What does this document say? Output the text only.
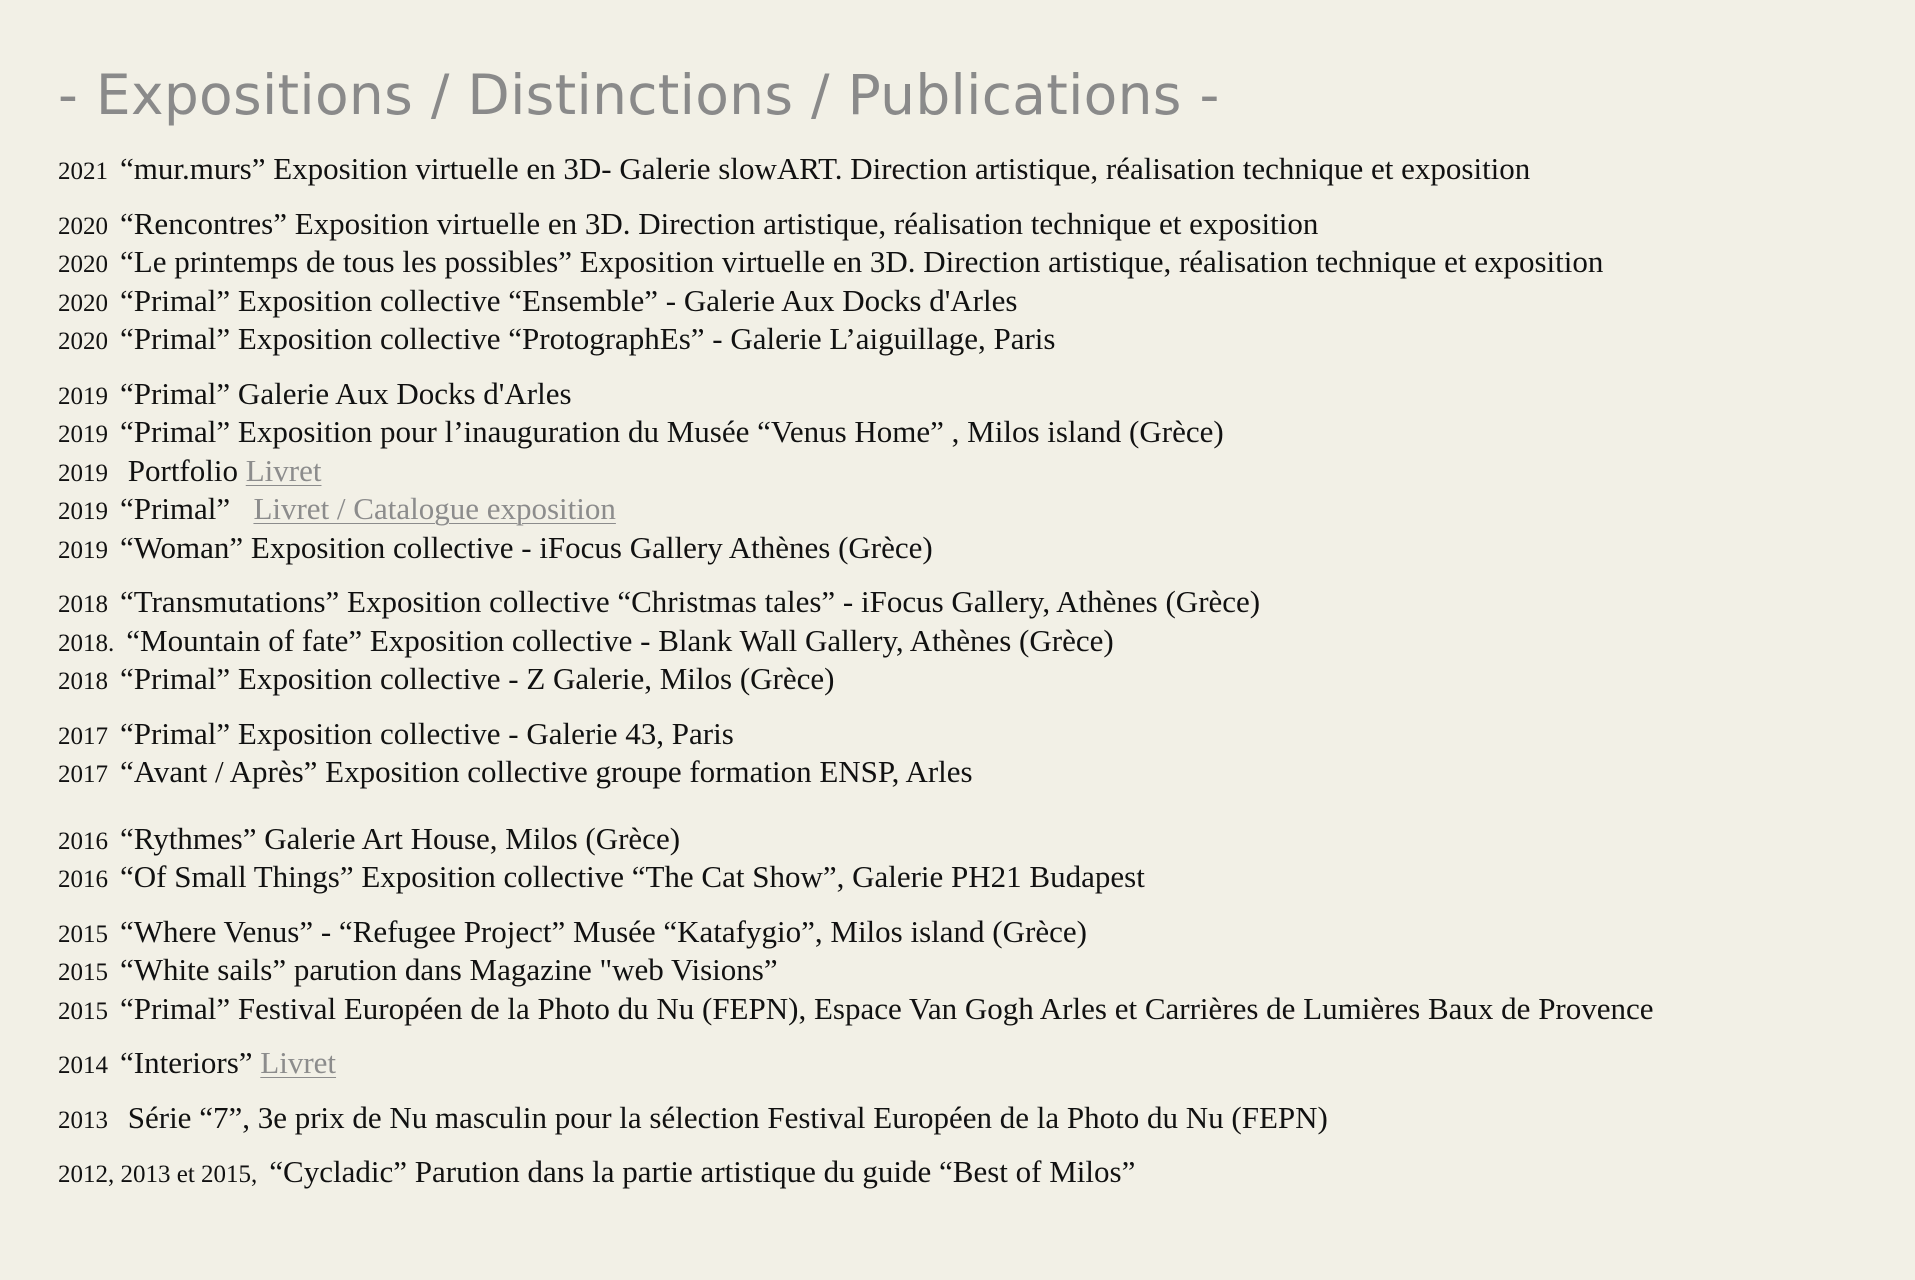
- Expositions / Distinctions / Publications -
2021 “mur.murs” Exposition virtuelle en 3D- Galerie slowART. Direction artistique, réalisation technique et exposition
2020 “Rencontres” Exposition virtuelle en 3D. Direction artistique, réalisation technique et exposition
2020 “Le printemps de tous les possibles” Exposition virtuelle en 3D. Direction artistique, réalisation technique et exposition
2020 “Primal” Exposition collective “Ensemble” - Galerie Aux Docks d'Arles
2020 “Primal” Exposition collective “ProtographEs” - Galerie L’aiguillage, Paris
2019 “Primal” Galerie Aux Docks d'Arles
2019 “Primal” Exposition pour l’inauguration du Musée “Venus Home” , Milos island (Grèce)
2019 Portfolio Livret
2019 “Primal”   Livret / Catalogue exposition
2019 “Woman” Exposition collective - iFocus Gallery Athènes (Grèce)
2018 “Transmutations” Exposition collective “Christmas tales” - iFocus Gallery, Athènes (Grèce)
2018. “Mountain of fate” Exposition collective - Blank Wall Gallery, Athènes (Grèce)
2018 “Primal” Exposition collective - Z Galerie, Milos (Grèce)
2017 “Primal” Exposition collective - Galerie 43, Paris
2017 “Avant / Après” Exposition collective groupe formation ENSP, Arles
2016 “Rythmes” Galerie Art House, Milos (Grèce)
2016 “Of Small Things” Exposition collective “The Cat Show”, Galerie PH21 Budapest
2015 “Where Venus” - “Refugee Project” Musée “Katafygio”, Milos island (Grèce)
2015 “White sails” parution dans Magazine "web Visions”
2015 “Primal” Festival Européen de la Photo du Nu (FEPN), Espace Van Gogh Arles et Carrières de Lumières Baux de Provence
2014 “Interiors” Livret
2013 Série “7”, 3e prix de Nu masculin pour la sélection Festival Européen de la Photo du Nu (FEPN)
2012, 2013 et 2015, “Cycladic” Parution dans la partie artistique du guide “Best of Milos”
